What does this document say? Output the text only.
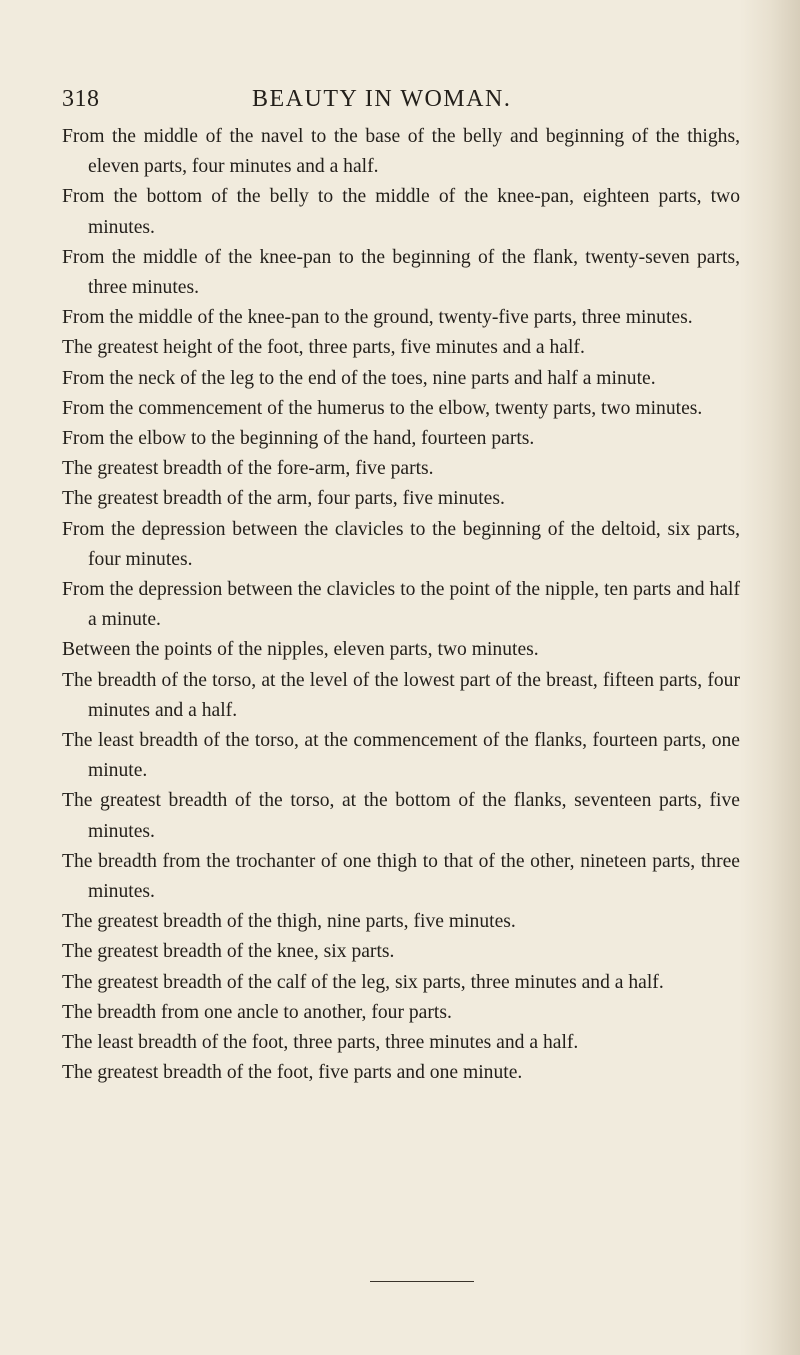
318	BEAUTY IN WOMAN.
From the middle of the navel to the base of the belly and beginning of the thighs, eleven parts, four minutes and a half.
From the bottom of the belly to the middle of the knee-pan, eighteen parts, two minutes.
From the middle of the knee-pan to the beginning of the flank, twenty-seven parts, three minutes.
From the middle of the knee-pan to the ground, twenty-five parts, three minutes.
The greatest height of the foot, three parts, five minutes and a half.
From the neck of the leg to the end of the toes, nine parts and half a minute.
From the commencement of the humerus to the elbow, twenty parts, two minutes.
From the elbow to the beginning of the hand, fourteen parts.
The greatest breadth of the fore-arm, five parts.
The greatest breadth of the arm, four parts, five minutes.
From the depression between the clavicles to the beginning of the deltoid, six parts, four minutes.
From the depression between the clavicles to the point of the nipple, ten parts and half a minute.
Between the points of the nipples, eleven parts, two minutes.
The breadth of the torso, at the level of the lowest part of the breast, fifteen parts, four minutes and a half.
The least breadth of the torso, at the commencement of the flanks, fourteen parts, one minute.
The greatest breadth of the torso, at the bottom of the flanks, seventeen parts, five minutes.
The breadth from the trochanter of one thigh to that of the other, nineteen parts, three minutes.
The greatest breadth of the thigh, nine parts, five minutes.
The greatest breadth of the knee, six parts.
The greatest breadth of the calf of the leg, six parts, three minutes and a half.
The breadth from one ancle to another, four parts.
The least breadth of the foot, three parts, three minutes and a half.
The greatest breadth of the foot, five parts and one minute.
